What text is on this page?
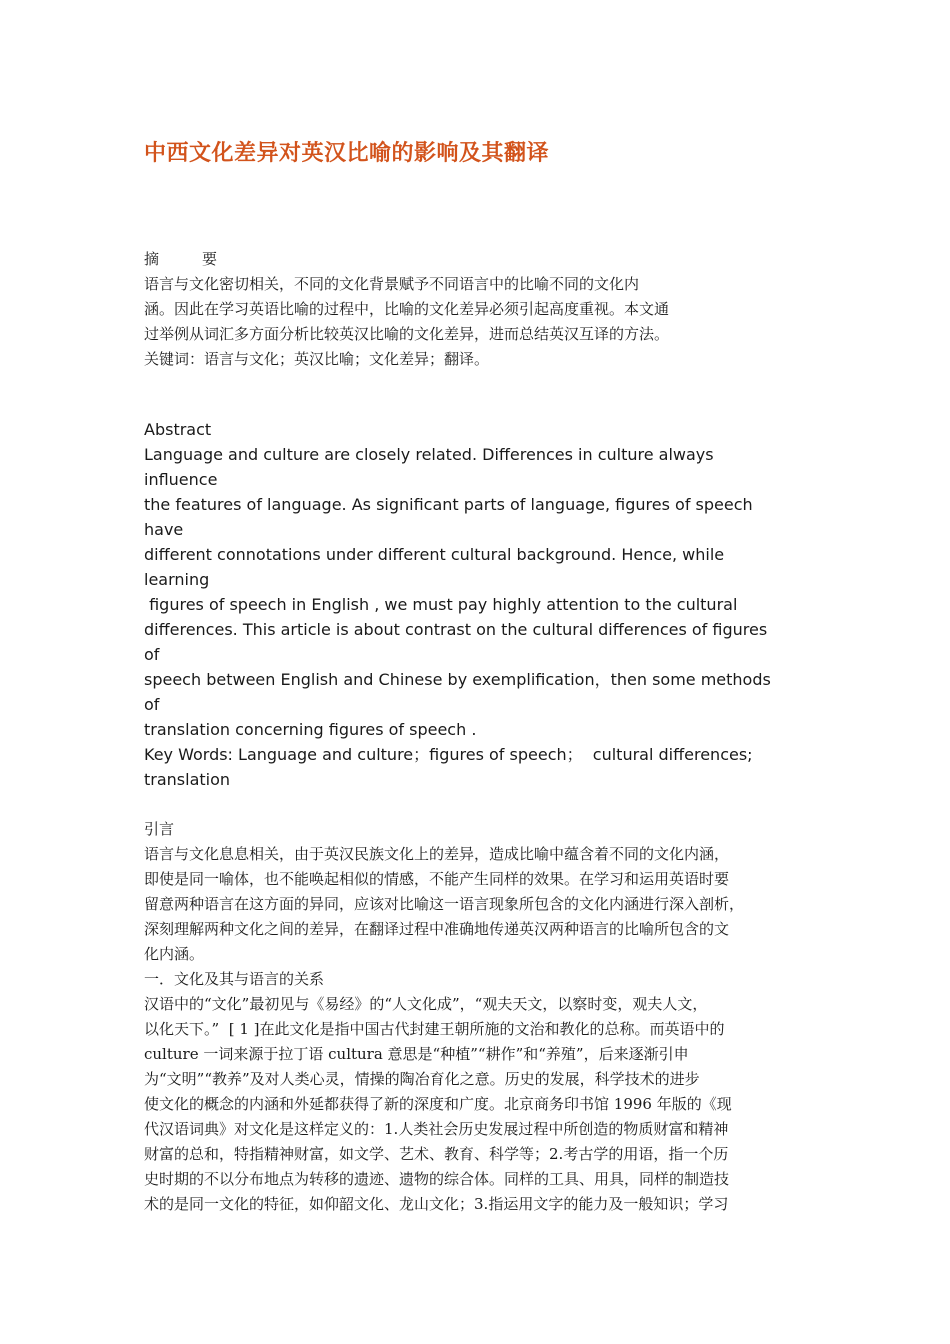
中西文化差异对英汉比喻的影响及其翻译
摘　要
语言与文化密切相关，不同的文化背景赋予不同语言中的比喻不同的文化内
涵。因此在学习英语比喻的过程中，比喻的文化差异必须引起高度重视。本文通
过举例从词汇多方面分析比较英汉比喻的文化差异，进而总结英汉互译的方法。
关键词：语言与文化；英汉比喻；文化差异；翻译。
Abstract
Language and culture are closely related. Differences in culture always
influence
the features of language. As significant parts of language, figures of speech
have
different connotations under different cultural background. Hence, while
learning
figures of speech in English , we must pay highly attention to the cultural
differences. This article is about contrast on the cultural differences of figures
of
speech between English and Chinese by exemplification，then some methods
of
translation concerning figures of speech .
Key Words: Language and culture；figures of speech；  cultural differences;
translation
引言
语言与文化息息相关，由于英汉民族文化上的差异，造成比喻中蕴含着不同的文化内涵，
即使是同一喻体，也不能唤起相似的情感，不能产生同样的效果。在学习和运用英语时要
留意两种语言在这方面的异同，应该对比喻这一语言现象所包含的文化内涵进行深入剖析，
深刻理解两种文化之间的差异，在翻译过程中准确地传递英汉两种语言的比喻所包含的文
化内涵。
一．文化及其与语言的关系
汉语中的“文化”最初见与《易经》的“人文化成”，“观夫天文，以察时变，观夫人文，
以化天下。”  [ 1 ]在此文化是指中国古代封建王朝所施的文治和教化的总称。而英语中的
culture 一词来源于拉丁语 cultura 意思是“种植”“耕作”和“养殖”，后来逐渐引申
为“文明”“教养”及对人类心灵，情操的陶冶育化之意。历史的发展，科学技术的进步
使文化的概念的内涵和外延都获得了新的深度和广度。北京商务印书馆 1996 年版的《现
代汉语词典》对文化是这样定义的：1.人类社会历史发展过程中所创造的物质财富和精神
财富的总和，特指精神财富，如文学、艺术、教育、科学等；2.考古学的用语，指一个历
史时期的不以分布地点为转移的遗迹、遗物的综合体。同样的工具、用具，同样的制造技
术的是同一文化的特征，如仰韶文化、龙山文化；3.指运用文字的能力及一般知识；学习
